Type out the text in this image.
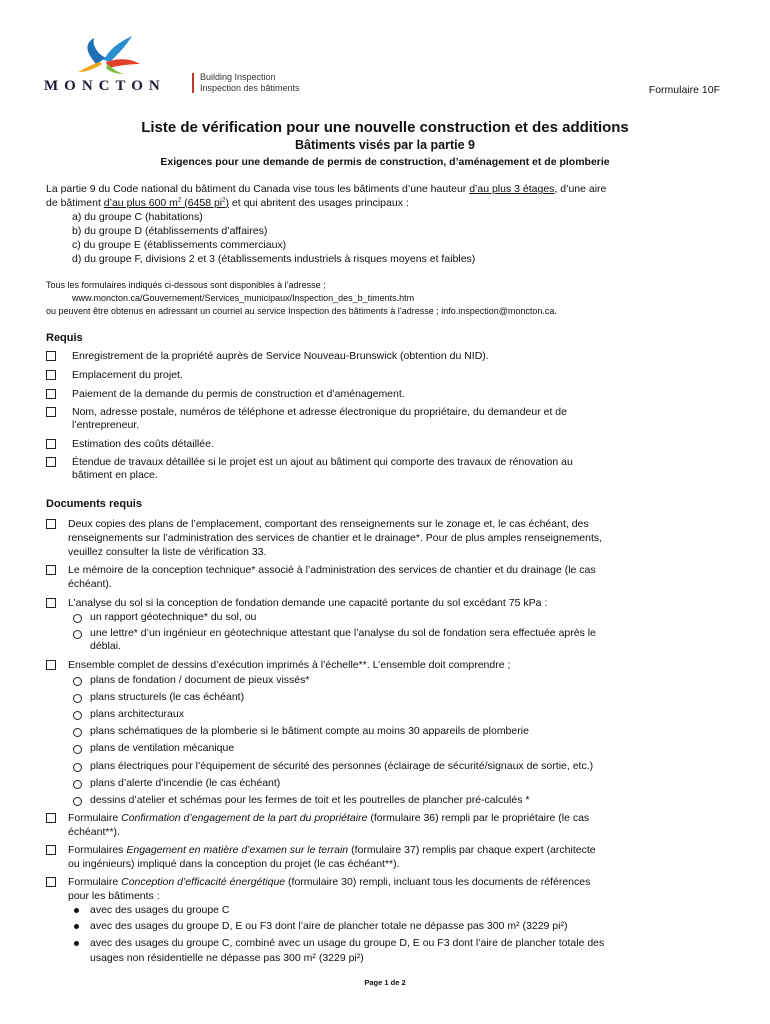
MONCTON
Building Inspection
Inspection des bâtiments	Formulaire 10F
Liste de vérification pour une nouvelle construction et des additions
Bâtiments visés par la partie 9
Exigences pour une demande de permis de construction, d’aménagement et de plomberie
La partie 9 du Code national du bâtiment du Canada vise tous les bâtiments d’une hauteur d’au plus 3 étages, d’une aire
de bâtiment d’au plus 600 $m^2$ (6458 $pi^2$) et qui abritent des usages principaux :
a) du groupe C (habitations)
b) du groupe D (établissements d’affaires)
c) du groupe E (établissements commerciaux)
d) du groupe F, divisions 2 et 3 (établissements industriels à risques moyens et faibles)
Tous les formulaires indiqués ci-dessous sont disponibles à l’adresse ;
www.moncton.ca/Gouvernement/Services_municipaux/Inspection_des_b_timents.htm
ou peuvent être obtenus en adressant un courriel au service Inspection des bâtiments à l’adresse ; info.inspection@moncton.ca.
Requis
Enregistrement de la propriété auprès de Service Nouveau-Brunswick (obtention du NID).
Emplacement du projet.
Paiement de la demande du permis de construction et d’aménagement.
Nom, adresse postale, numéros de téléphone et adresse électronique du propriétaire, du demandeur et de
l’entrepreneur.
Estimation des coûts détaillée.
Étendue de travaux détaillée si le projet est un ajout au bâtiment qui comporte des travaux de rénovation au
bâtiment en place.
Documents requis
Deux copies des plans de l’emplacement, comportant des renseignements sur le zonage et, le cas échéant, des
renseignements sur l’administration des services de chantier et le drainage*. Pour de plus amples renseignements,
veuillez consulter la liste de vérification 33.
Le mémoire de la conception technique* associé à l’administration des services de chantier et du drainage (le cas
échéant).
L’analyse du sol si la conception de fondation demande une capacité portante du sol excédant 75 kPa :
un rapport géotechnique* du sol, ou
une lettre* d’un ingénieur en géotechnique attestant que l’analyse du sol de fondation sera effectuée après le
déblai.
Ensemble complet de dessins d’exécution imprimés à l’échelle**. L’ensemble doit comprendre ;
plans de fondation / document de pieux vissés*
plans structurels (le cas échéant)
plans architecturaux
plans schématiques de la plomberie si le bâtiment compte au moins 30 appareils de plomberie
plans de ventilation mécanique
plans électriques pour l’équipement de sécurité des personnes (éclairage de sécurité/signaux de sortie, etc.)
plans d’alerte d’incendie (le cas échéant)
dessins d’atelier et schémas pour les fermes de toit et les poutrelles de plancher pré-calculés *
Formulaire Confirmation d’engagement de la part du propriétaire (formulaire 36) rempli par le propriétaire (le cas
échéant**).
Formulaires Engagement en matière d’examen sur le terrain (formulaire 37) remplis par chaque expert (architecte
ou ingénieurs) impliqué dans la conception du projet (le cas échéant**).
Formulaire Conception d’efficacité énergétique (formulaire 30) rempli, incluant tous les documents de références
pour les bâtiments :
avec des usages du groupe C
avec des usages du groupe D, E ou F3 dont l’aire de plancher totale ne dépasse pas 300 m² (3229 pi²)
avec des usages du groupe C, combiné avec un usage du groupe D, E ou F3 dont l’aire de plancher totale des
usages non résidentielle ne dépasse pas 300 m² (3229 pi²)
Page 1 de 2
